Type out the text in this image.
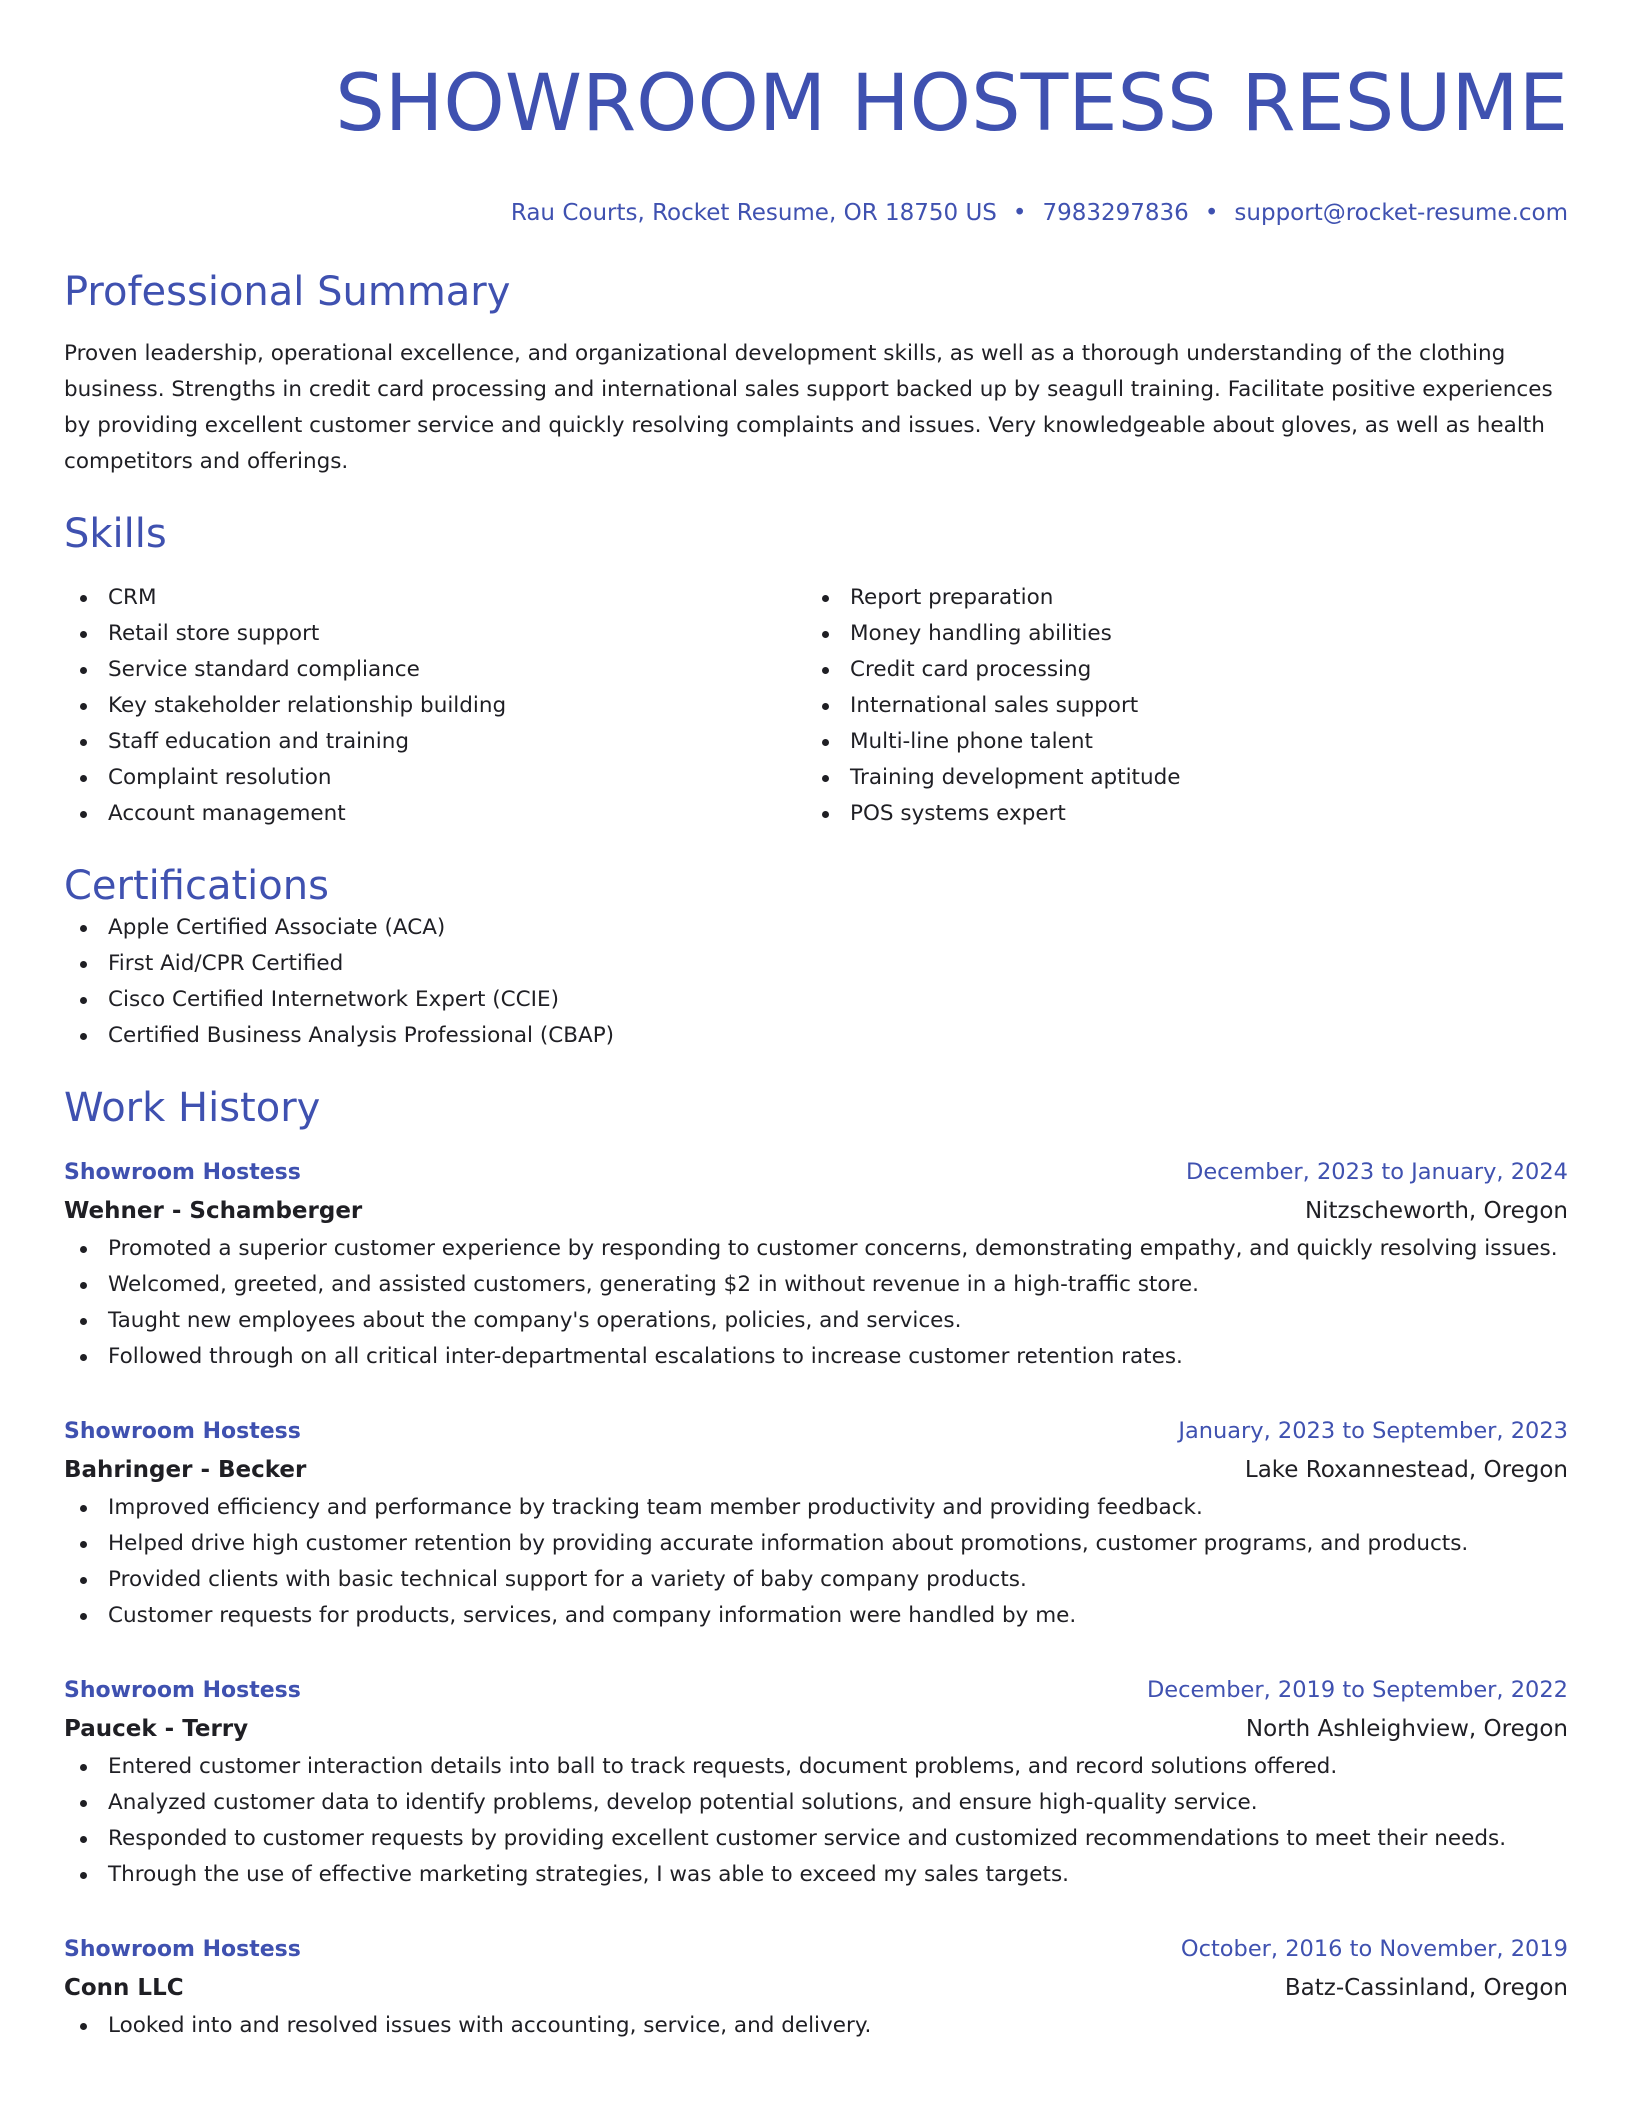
SHOWROOM HOSTESS RESUME
Rau Courts, Rocket Resume, OR 18750 US • 7983297836 • support@rocket-resume.com
Professional Summary
Proven leadership, operational excellence, and organizational development skills, as well as a thorough understanding of the clothing business. Strengths in credit card processing and international sales support backed up by seagull training. Facilitate positive experiences by providing excellent customer service and quickly resolving complaints and issues. Very knowledgeable about gloves, as well as health competitors and offerings.
Skills
CRM
Retail store support
Service standard compliance
Key stakeholder relationship building
Staff education and training
Complaint resolution
Account management
Report preparation
Money handling abilities
Credit card processing
International sales support
Multi-line phone talent
Training development aptitude
POS systems expert
Certifications
Apple Certified Associate (ACA)
First Aid/CPR Certified
Cisco Certified Internetwork Expert (CCIE)
Certified Business Analysis Professional (CBAP)
Work History
Showroom Hostess	December, 2023 to January, 2024
Wehner - Schamberger	Nitzscheworth, Oregon
Promoted a superior customer experience by responding to customer concerns, demonstrating empathy, and quickly resolving issues.
Welcomed, greeted, and assisted customers, generating $2 in without revenue in a high-traffic store.
Taught new employees about the company's operations, policies, and services.
Followed through on all critical inter-departmental escalations to increase customer retention rates.
Showroom Hostess	January, 2023 to September, 2023
Bahringer - Becker	Lake Roxannestead, Oregon
Improved efficiency and performance by tracking team member productivity and providing feedback.
Helped drive high customer retention by providing accurate information about promotions, customer programs, and products.
Provided clients with basic technical support for a variety of baby company products.
Customer requests for products, services, and company information were handled by me.
Showroom Hostess	December, 2019 to September, 2022
Paucek - Terry	North Ashleighview, Oregon
Entered customer interaction details into ball to track requests, document problems, and record solutions offered.
Analyzed customer data to identify problems, develop potential solutions, and ensure high-quality service.
Responded to customer requests by providing excellent customer service and customized recommendations to meet their needs.
Through the use of effective marketing strategies, I was able to exceed my sales targets.
Showroom Hostess	October, 2016 to November, 2019
Conn LLC	Batz-Cassinland, Oregon
Looked into and resolved issues with accounting, service, and delivery.
